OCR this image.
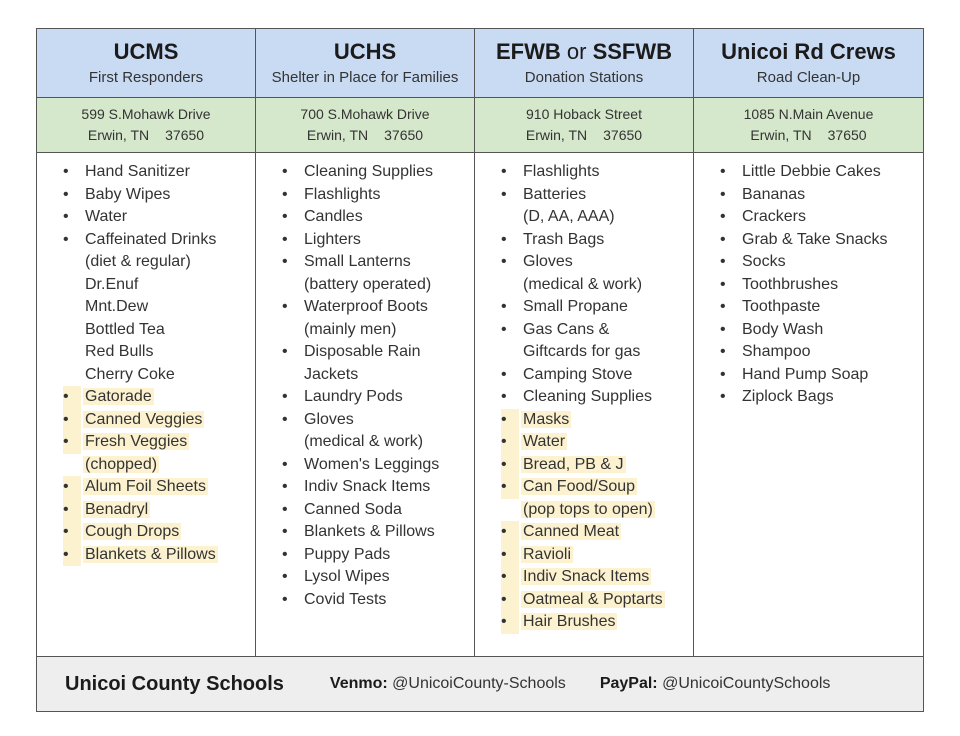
UCMS
First Responders
UCHS
Shelter in Place for Families
EFWB or SSFWB
Donation Stations
Unicoi Rd Crews
Road Clean-Up
599 S.Mohawk Drive
Erwin, TN 37650
700 S.Mohawk Drive
Erwin, TN 37650
910 Hoback Street
Erwin, TN 37650
1085 N.Main Avenue
Erwin, TN 37650
• Hand Sanitizer
• Baby Wipes
• Water
• Caffeinated Drinks
(diet & regular)
Dr.Enuf
Mnt.Dew
Bottled Tea
Red Bulls
Cherry Coke
• Gatorade
• Canned Veggies
• Fresh Veggies
(chopped)
• Alum Foil Sheets
• Benadryl
• Cough Drops
• Blankets & Pillows
• Cleaning Supplies
• Flashlights
• Candles
• Lighters
• Small Lanterns
(battery operated)
• Waterproof Boots
(mainly men)
• Disposable Rain
Jackets
• Laundry Pods
• Gloves
(medical & work)
• Women's Leggings
• Indiv Snack Items
• Canned Soda
• Blankets & Pillows
• Puppy Pads
• Lysol Wipes
• Covid Tests
• Flashlights
• Batteries
(D, AA, AAA)
• Trash Bags
• Gloves
(medical & work)
• Small Propane
• Gas Cans &
Giftcards for gas
• Camping Stove
• Cleaning Supplies
• Masks
• Water
• Bread, PB & J
• Can Food/Soup
(pop tops to open)
• Canned Meat
• Ravioli
• Indiv Snack Items
• Oatmeal & Poptarts
• Hair Brushes
• Little Debbie Cakes
• Bananas
• Crackers
• Grab & Take Snacks
• Socks
• Toothbrushes
• Toothpaste
• Body Wash
• Shampoo
• Hand Pump Soap
• Ziplock Bags
Unicoi County Schools	Venmo: @UnicoiCounty-Schools PayPal: @UnicoiCountySchools
